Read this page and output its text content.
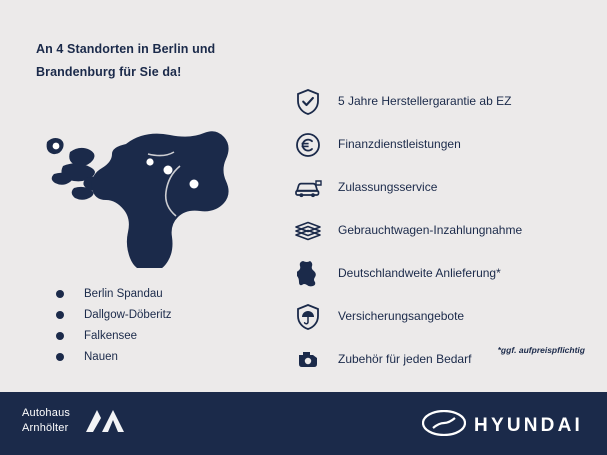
An 4 Standorten in Berlin und Brandenburg für Sie da!
Berlin Spandau
Dallgow-Döberitz
Falkensee
Nauen
5 Jahre Herstellergarantie ab EZ
Finanzdienstleistungen
Zulassungsservice
Gebrauchtwagen-Inzahlungnahme
Deutschlandweite Anlieferung*
Versicherungsangebote
Zubehör für jeden Bedarf
*ggf. aufpreispflichtig
Autohaus
Arnhölter	HYUNDAI
